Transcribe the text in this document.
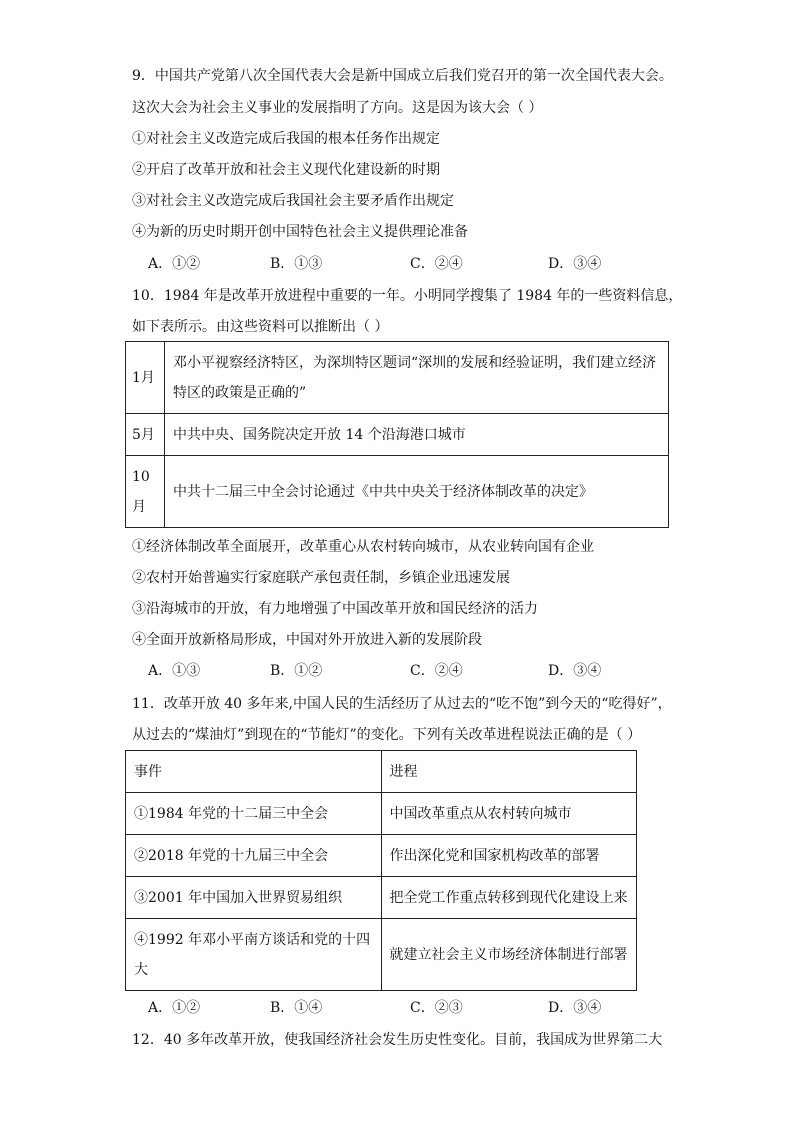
9．中国共产党第八次全国代表大会是新中国成立后我们党召开的第一次全国代表大会。
这次大会为社会主义事业的发展指明了方向。这是因为该大会（ ）
①对社会主义改造完成后我国的根本任务作出规定
②开启了改革开放和社会主义现代化建设新的时期
③对社会主义改造完成后我国社会主要矛盾作出规定
④为新的历史时期开创中国特色社会主义提供理论准备
A．①②	B．①③	C．②④	D．③④
10．1984 年是改革开放进程中重要的一年。小明同学搜集了 1984 年的一些资料信息，
如下表所示。由这些资料可以推断出（ ）
1月	邓小平视察经济特区，为深圳特区题词“深圳的发展和经验证明，我们建立经济
特区的政策是正确的”

5月	中共中央、国务院决定开放 14 个沿海港口城市

10
月	中共十二届三中全会讨论通过《中共中央关于经济体制改革的决定》
①经济体制改革全面展开，改革重心从农村转向城市，从农业转向国有企业
②农村开始普遍实行家庭联产承包责任制，乡镇企业迅速发展
③沿海城市的开放，有力地增强了中国改革开放和国民经济的活力
④全面开放新格局形成，中国对外开放进入新的发展阶段
A．①③	B．①②	C．②④	D．③④
11．改革开放 40 多年来,中国人民的生活经历了从过去的“吃不饱”到今天的“吃得好”，
从过去的“煤油灯”到现在的“节能灯”的变化。下列有关改革进程说法正确的是（ ）
事件	进程
①1984 年党的十二届三中全会	中国改革重点从农村转向城市
②2018 年党的十九届三中全会	作出深化党和国家机构改革的部署
③2001 年中国加入世界贸易组织	把全党工作重点转移到现代化建设上来

④1992 年邓小平南方谈话和党的十四
大	就建立社会主义市场经济体制进行部署
A．①②	B．①④	C．②③	D．③④
12．40 多年改革开放，使我国经济社会发生历史性变化。目前，我国成为世界第二大
